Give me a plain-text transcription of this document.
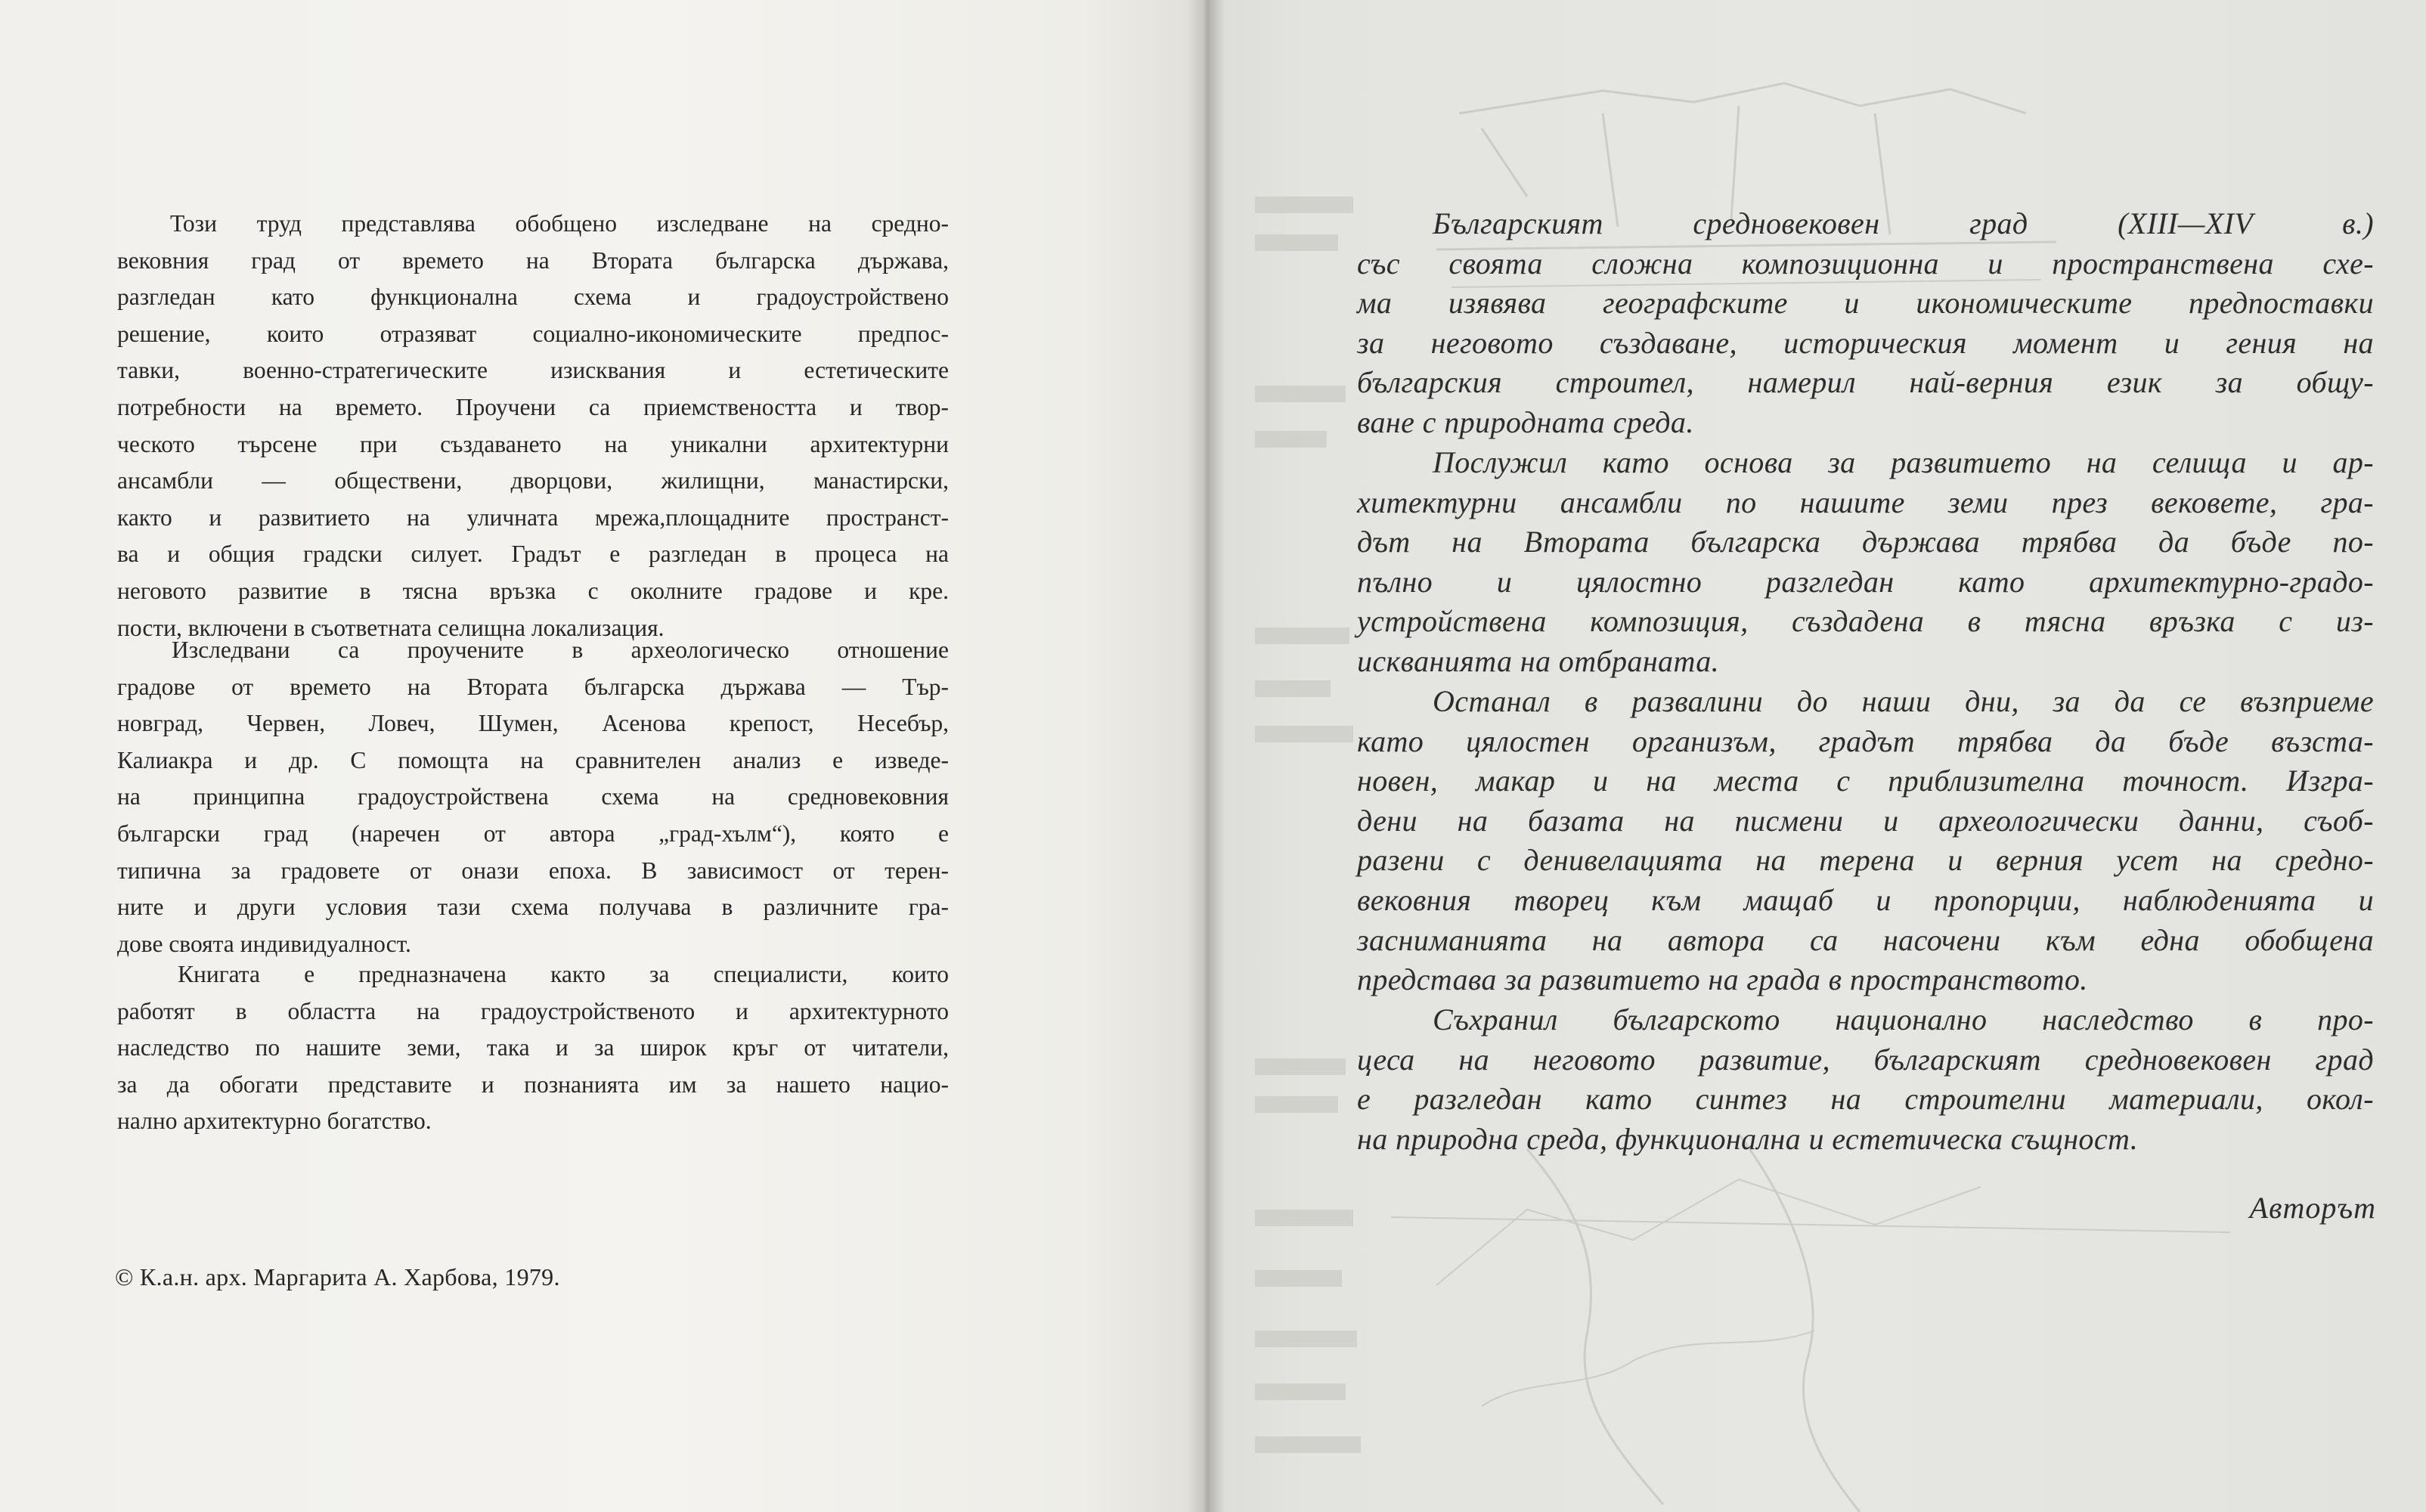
Този труд представлява обобщено изследване на средно-
вековния град от времето на Втората българска държава,
разгледан като функционална схема и градоустройствено
решение, които отразяват социално-икономическите предпос-
тавки, военно-стратегическите изисквания и естетическите
потребности на времето. Проучени са приемствеността и твор-
ческото търсене при създаването на уникални архитектурни
ансамбли — обществени, дворцови, жилищни, манастирски,
както и развитието на уличната мрежа,площадните пространст-
ва и общия градски силует. Градът е разгледан в процеса на
неговото развитие в тясна връзка с околните градове и кре.
пости, включени в съответната селищна локализация.
Изследвани са проучените в археологическо отношение
градове от времето на Втората българска държава — Тър-
новград, Червен, Ловеч, Шумен, Асенова крепост, Несебър,
Калиакра и др. С помощта на сравнителен анализ е изведе-
на принципна градоустройствена схема на средновековния
български град (наречен от автора „град-хълм“), която е
типична за градовете от онази епоха. В зависимост от терен-
ните и други условия тази схема получава в различните гра-
дове своята индивидуалност.
Книгата е предназначена както за специалисти, които
работят в областта на градоустройственото и архитектурното
наследство по нашите земи, така и за широк кръг от читатели,
за да обогати представите и познанията им за нашето нацио-
нално архитектурно богатство.

© К.а.н. арх. Маргарита А. Харбова, 1979.

Българският средновековен град (XIII—XIV в.)
със своята сложна композиционна и пространствена схе-
ма изявява географските и икономическите предпоставки
за неговото създаване, историческия момент и гения на
българския строител, намерил най-верния език за общу-
ване с природната среда.
Послужил като основа за развитието на селища и ар-
хитектурни ансамбли по нашите земи през вековете, гра-
дът на Втората българска държава трябва да бъде по-
пълно и цялостно разгледан като архитектурно-градо-
устройствена композиция, създадена в тясна връзка с из-
искванията на отбраната.
Останал в развалини до наши дни, за да се възприеме
като цялостен организъм, градът трябва да бъде възста-
новен, макар и на места с приблизителна точност. Изгра-
дени на базата на писмени и археологически данни, съоб-
разени с денивелацията на терена и верния усет на средно-
вековния творец към мащаб и пропорции, наблюденията и
засниманията на автора са насочени към една обобщена
представа за развитието на града в пространството.
Съхранил българското национално наследство в про-
цеса на неговото развитие, българският средновековен град
е разгледан като синтез на строителни материали, окол-
на природна среда, функционална и естетическа същност.

Авторът
